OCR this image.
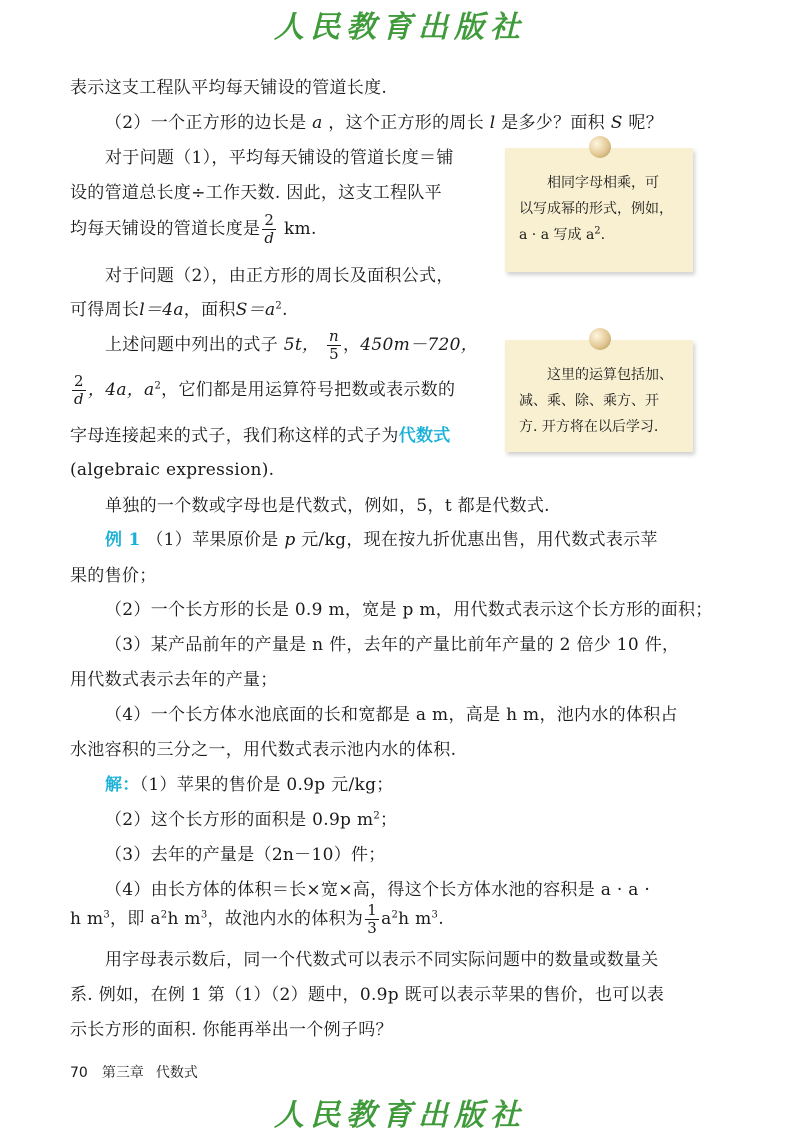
人民教育出版社
表示这支工程队平均每天铺设的管道长度.
（2）一个正方形的边长是 a ，这个正方形的周长 l 是多少？面积 S 呢？
对于问题（1），平均每天铺设的管道长度＝铺
设的管道总长度÷工作天数. 因此，这支工程队平
均每天铺设的管道长度是 $\frac{2}{d}$ km.
对于问题（2），由正方形的周长及面积公式，
可得周长l＝4a，面积$S=a^2$.
上述问题中列出的式子 5t， $\frac{n}{5}$ ，450m－720，
$\frac{2}{d}$ ，4a，$a^2$，它们都是用运算符号把数或表示数的
字母连接起来的式子，我们称这样的式子为代数式
(algebraic expression).
单独的一个数或字母也是代数式，例如，5，t 都是代数式.
例 1 （1）苹果原价是 p 元/kg，现在按九折优惠出售，用代数式表示苹
果的售价；
（2）一个长方形的长是 0.9 m，宽是 p m，用代数式表示这个长方形的面积；
（3）某产品前年的产量是 n 件，去年的产量比前年产量的 2 倍少 10 件，
用代数式表示去年的产量；
（4）一个长方体水池底面的长和宽都是 a m，高是 h m，池内水的体积占
水池容积的三分之一，用代数式表示池内水的体积.
解：（1）苹果的售价是 0.9p 元/kg；
（2）这个长方形的面积是 0.9p $m^2$；
（3）去年的产量是（2n－10）件；
（4）由长方体的体积＝长×宽×高，得这个长方体水池的容积是 a · a ·
h $m^3$，即 $a^2h$ $m^3$，故池内水的体积为 $\frac{1}{3} a^2h$ $m^3$.
用字母表示数后，同一个代数式可以表示不同实际问题中的数量或数量关
系. 例如，在例 1 第（1）（2）题中，0.9p 既可以表示苹果的售价，也可以表
示长方形的面积. 你能再举出一个例子吗？

相同字母相乘，可

以写成幂的形式，例如，

a · a 写成 $a^2$.

这里的运算包括加、

减、乘、除、乘方、开

方. 开方将在以后学习.

70 第三章 代数式
人民教育出版社
